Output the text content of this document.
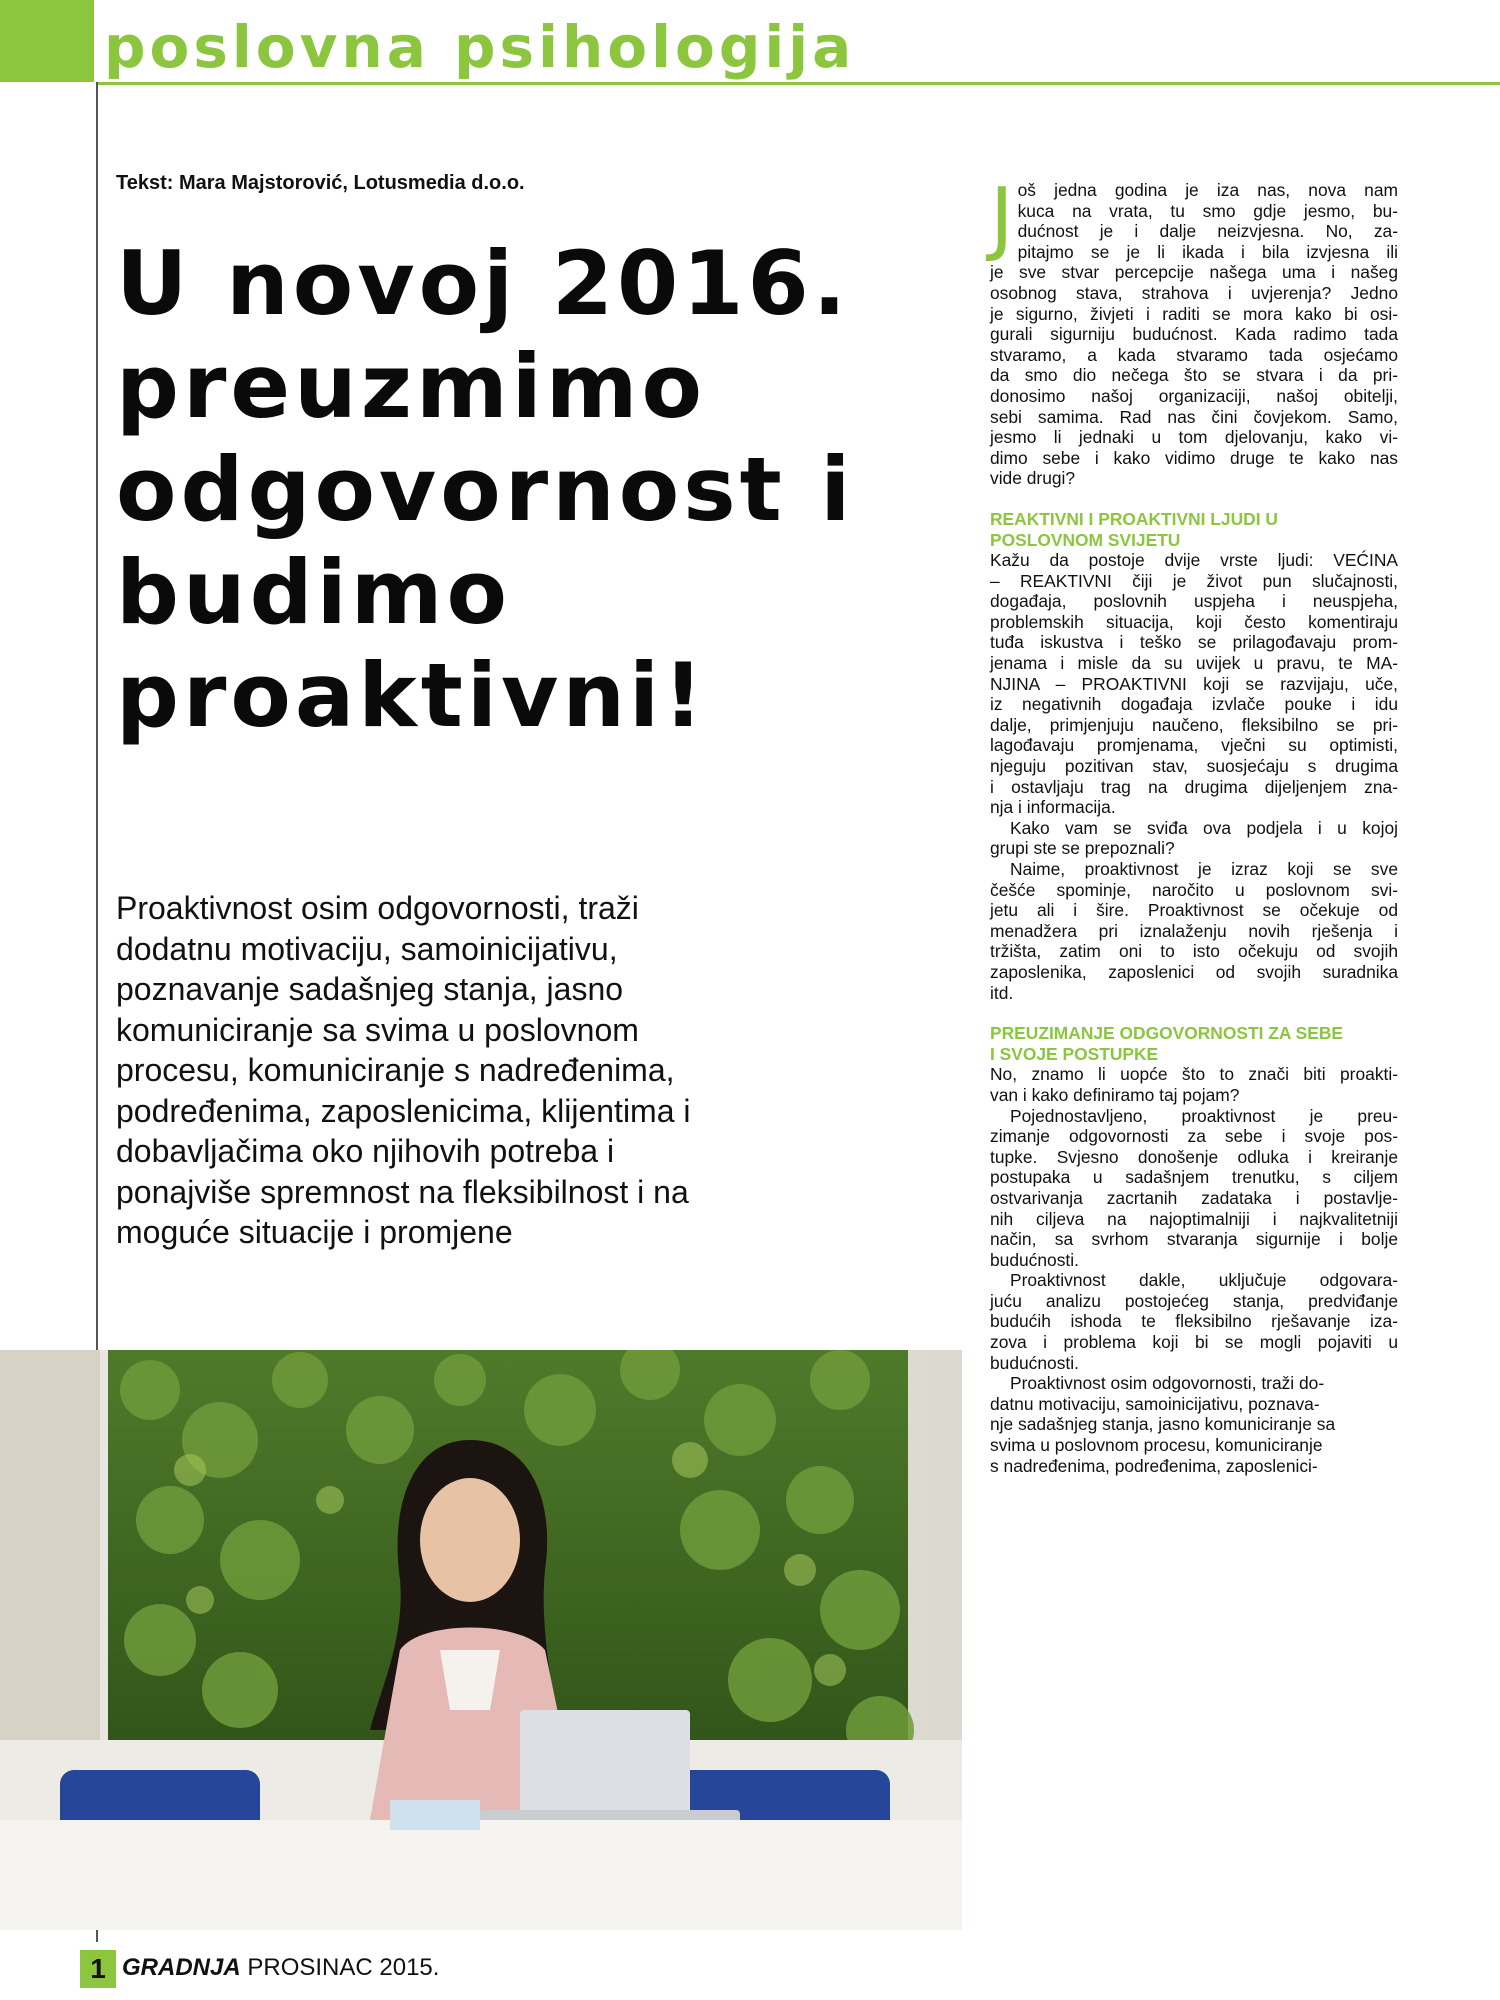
poslovna psihologija
Tekst: Mara Majstorović, Lotusmedia d.o.o.
U novoj 2016.
preuzmimo
odgovornost i
budimo
proaktivni!
Proaktivnost osim odgovornosti, traži
dodatnu motivaciju, samoinicijativu,
poznavanje sadašnjeg stanja, jasno
komuniciranje sa svima u poslovnom
procesu, komuniciranje s nadređenima,
podređenima, zaposlenicima, klijentima i
dobavljačima oko njihovih potreba i
ponajviše spremnost na fleksibilnost i na
moguće situacije i promjene
1 GRADNJA PROSINAC 2015.
J oš jedna godina je iza nas, nova nam
kuca na vrata, tu smo gdje jesmo, bu-
dućnost je i dalje neizvjesna. No, za-
pitajmo se je li ikada i bila izvjesna ili
je sve stvar percepcije našega uma i našeg
osobnog stava, strahova i uvjerenja? Jedno
je sigurno, živjeti i raditi se mora kako bi osi-
gurali sigurniju budućnost. Kada radimo tada
stvaramo, a kada stvaramo tada osjećamo
da smo dio nečega što se stvara i da pri-
donosimo našoj organizaciji, našoj obitelji,
sebi samima. Rad nas čini čovjekom. Samo,
jesmo li jednaki u tom djelovanju, kako vi-
dimo sebe i kako vidimo druge te kako nas
vide drugi?
REAKTIVNI I PROAKTIVNI LJUDI U
POSLOVNOM SVIJETU
Kažu da postoje dvije vrste ljudi: VEĆINA
– REAKTIVNI čiji je život pun slučajnosti,
događaja, poslovnih uspjeha i neuspjeha,
problemskih situacija, koji često komentiraju
tuđa iskustva i teško se prilagođavaju prom-
jenama i misle da su uvijek u pravu, te MA-
NJINA – PROAKTIVNI koji se razvijaju, uče,
iz negativnih događaja izvlače pouke i idu
dalje, primjenjuju naučeno, fleksibilno se pri-
lagođavaju promjenama, vječni su optimisti,
njeguju pozitivan stav, suosjećaju s drugima
i ostavljaju trag na drugima dijeljenjem zna-
nja i informacija.
Kako vam se sviđa ova podjela i u kojoj
grupi ste se prepoznali?
Naime, proaktivnost je izraz koji se sve
češće spominje, naročito u poslovnom svi-
jetu ali i šire. Proaktivnost se očekuje od
menadžera pri iznalaženju novih rješenja i
tržišta, zatim oni to isto očekuju od svojih
zaposlenika, zaposlenici od svojih suradnika
itd.
PREUZIMANJE ODGOVORNOSTI ZA SEBE
I SVOJE POSTUPKE
No, znamo li uopće što to znači biti proakti-
van i kako definiramo taj pojam?
Pojednostavljeno, proaktivnost je preu-
zimanje odgovornosti za sebe i svoje pos-
tupke. Svjesno donošenje odluka i kreiranje
postupaka u sadašnjem trenutku, s ciljem
ostvarivanja zacrtanih zadataka i postavlje-
nih ciljeva na najoptimalniji i najkvalitetniji
način, sa svrhom stvaranja sigurnije i bolje
budućnosti.
Proaktivnost dakle, uključuje odgovara-
juću analizu postojećeg stanja, predviđanje
budućih ishoda te fleksibilno rješavanje iza-
zova i problema koji bi se mogli pojaviti u
budućnosti.
Proaktivnost osim odgovornosti, traži do-
datnu motivaciju, samoinicijativu, poznava-
nje sadašnjeg stanja, jasno komuniciranje sa
svima u poslovnom procesu, komuniciranje
s nadređenima, podređenima, zaposlenici-
